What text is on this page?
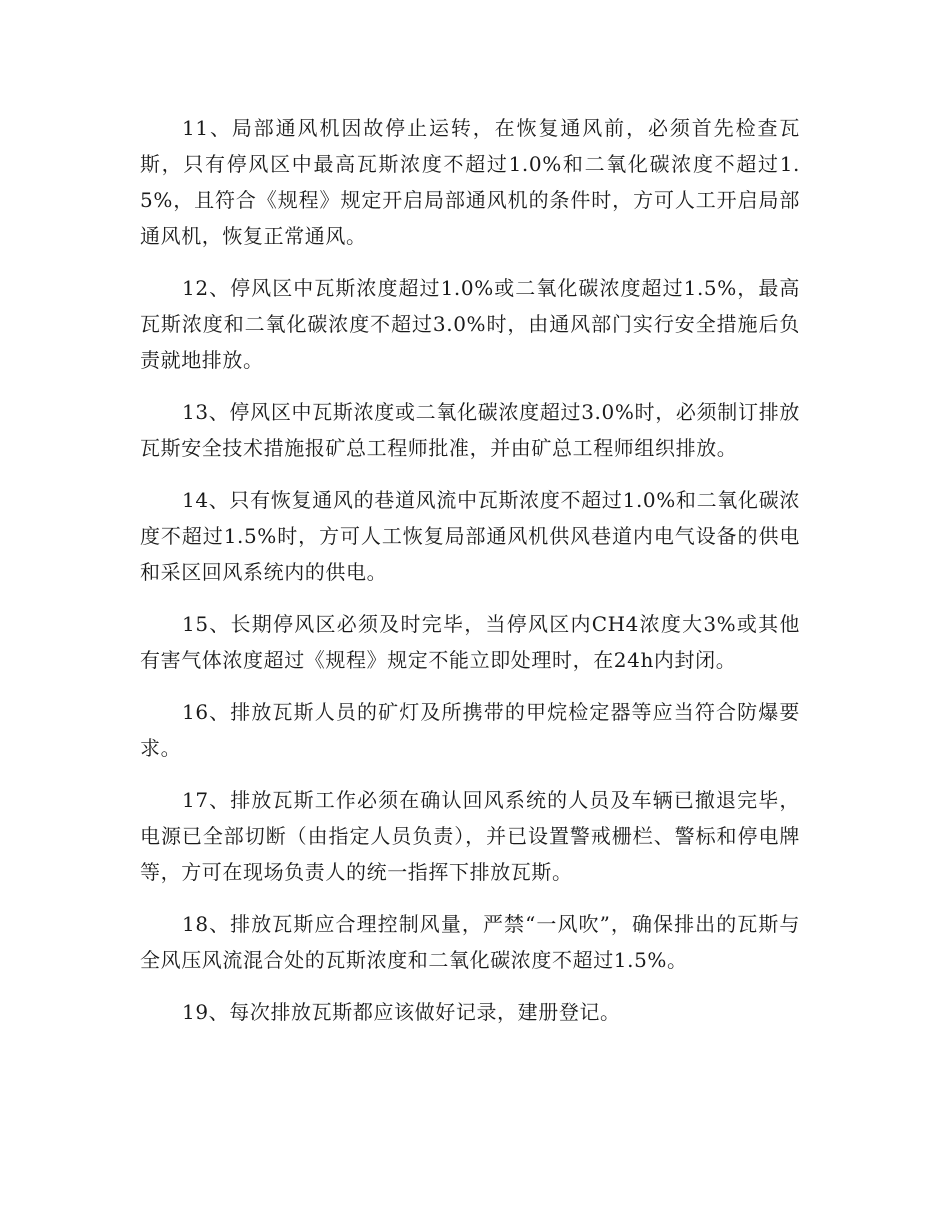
11、局部通风机因故停止运转，在恢复通风前，必须首先检查瓦斯，只有停风区中最高瓦斯浓度不超过1.0%和二氧化碳浓度不超过1.5%，且符合《规程》规定开启局部通风机的条件时，方可人工开启局部通风机，恢复正常通风。

12、停风区中瓦斯浓度超过1.0%或二氧化碳浓度超过1.5%，最高瓦斯浓度和二氧化碳浓度不超过3.0%时，由通风部门实行安全措施后负责就地排放。

13、停风区中瓦斯浓度或二氧化碳浓度超过3.0%时，必须制订排放瓦斯安全技术措施报矿总工程师批准，并由矿总工程师组织排放。

14、只有恢复通风的巷道风流中瓦斯浓度不超过1.0%和二氧化碳浓度不超过1.5%时，方可人工恢复局部通风机供风巷道内电气设备的供电和采区回风系统内的供电。

15、长期停风区必须及时完毕，当停风区内CH4浓度大3%或其他有害气体浓度超过《规程》规定不能立即处理时，在24h内封闭。

16、排放瓦斯人员的矿灯及所携带的甲烷检定器等应当符合防爆要求。

17、排放瓦斯工作必须在确认回风系统的人员及车辆已撤退完毕，电源已全部切断（由指定人员负责），并已设置警戒栅栏、警标和停电牌等，方可在现场负责人的统一指挥下排放瓦斯。

18、排放瓦斯应合理控制风量，严禁“一风吹”，确保排出的瓦斯与全风压风流混合处的瓦斯浓度和二氧化碳浓度不超过1.5%。

19、每次排放瓦斯都应该做好记录，建册登记。
